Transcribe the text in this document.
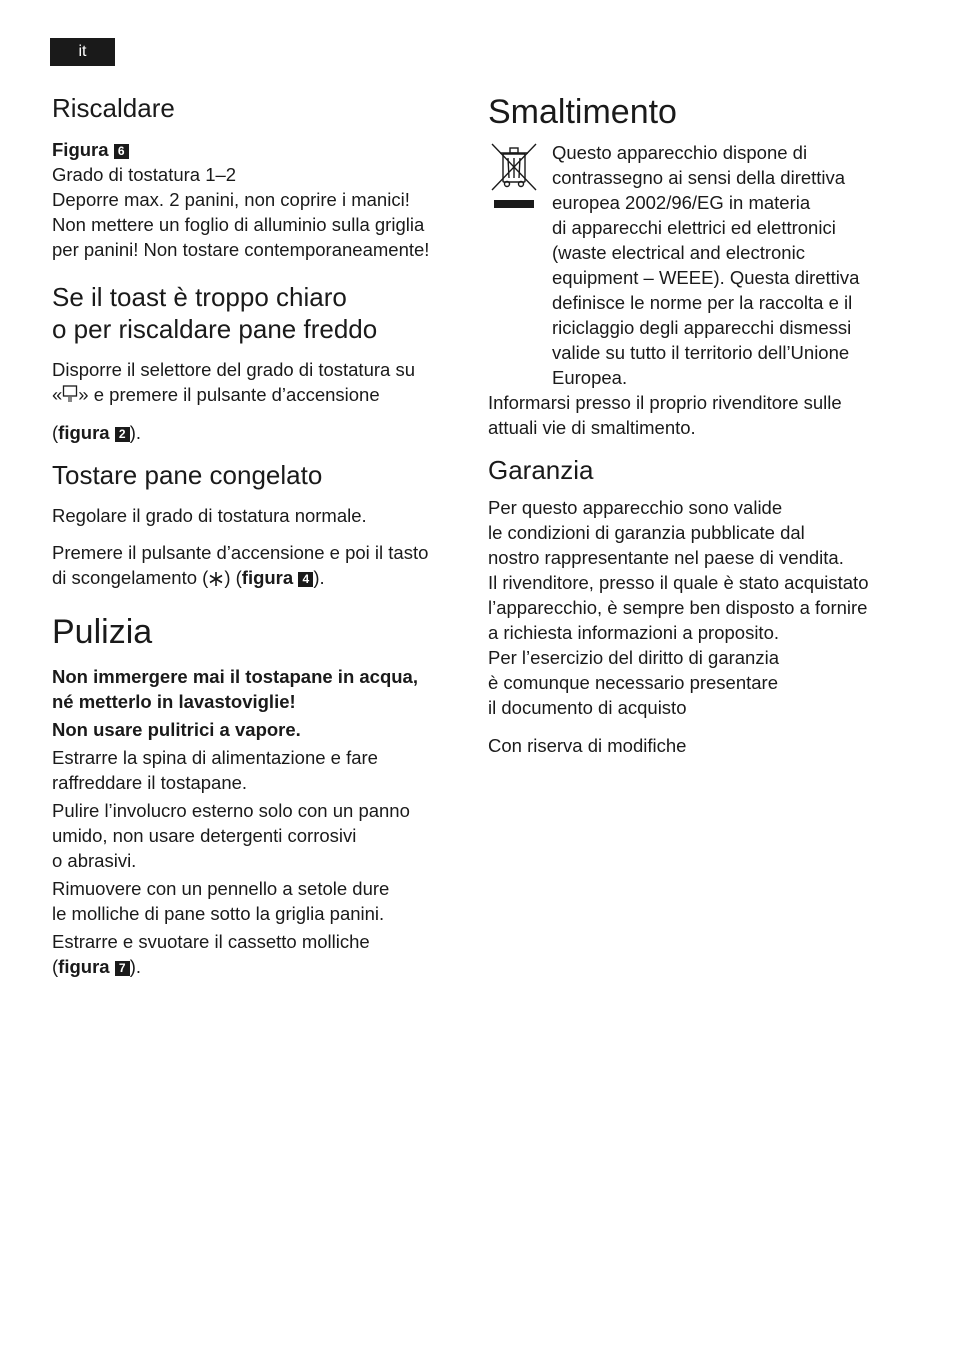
it
Riscaldare

Figura 6

Grado di tostatura 1–2

Deporre max. 2 panini, non coprire i manici!

Non mettere un foglio di alluminio sulla griglia

per panini! Non tostare contemporaneamente!

Se il toast è troppo chiaro
o per riscaldare pane freddo

Disporre il selettore del grado di tostatura su

« » e premere il pulsante d’accensione

(figura 2 ).

Tostare pane congelato

Regolare il grado di tostatura normale.

Premere il pulsante d’accensione e poi il tasto

di scongelamento ( ) (figura 4 ).

Pulizia

Non immergere mai il tostapane in acqua,

né metterlo in lavastoviglie!

Non usare pulitrici a vapore.

Estrarre la spina di alimentazione e fare

raffreddare il tostapane.

Pulire l’involucro esterno solo con un panno

umido, non usare detergenti corrosivi

o abrasivi.

Rimuovere con un pennello a setole dure

le molliche di pane sotto la griglia panini.

Estrarre e svuotare il cassetto molliche

(figura 7 ).

Smaltimento

Questo apparecchio dispone di

contrassegno ai sensi della direttiva

europea 2002/96/EG in materia

di apparecchi elettrici ed elettronici

(waste electrical and electronic

equipment – WEEE). Questa direttiva

definisce le norme per la raccolta e il

riciclaggio degli apparecchi dismessi

valide su tutto il territorio dell’Unione

Europea.

Informarsi presso il proprio rivenditore sulle

attuali vie di smaltimento.

Garanzia

Per questo apparecchio sono valide

le condizioni di garanzia pubblicate dal

nostro rappresentante nel paese di vendita.

Il rivenditore, presso il quale è stato acquistato

l’apparecchio, è sempre ben disposto a fornire

a richiesta informazioni a proposito.

Per l’esercizio del diritto di garanzia

è comunque necessario presentare

il documento di acquisto

Con riserva di modifiche
